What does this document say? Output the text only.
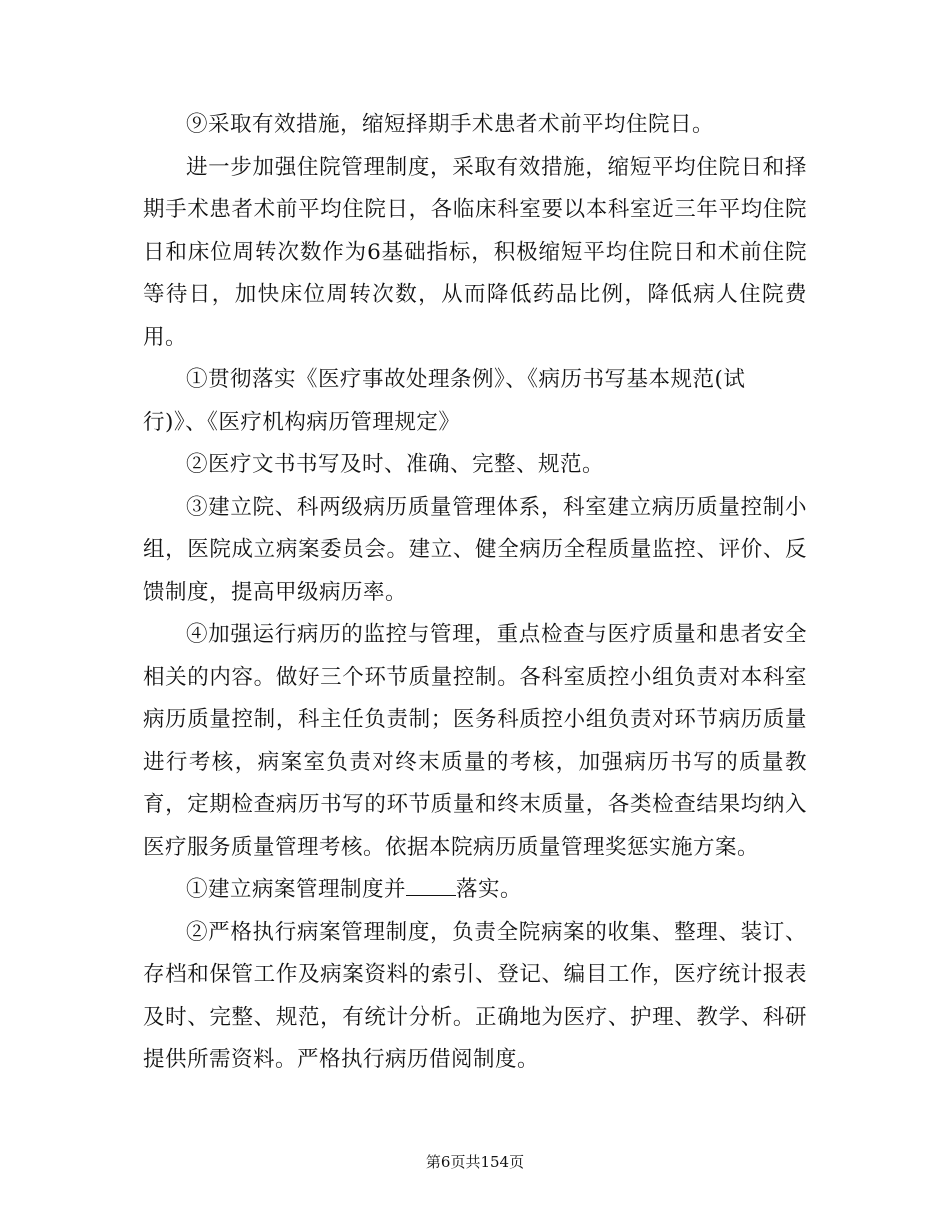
⑨采取有效措施，缩短择期手术患者术前平均住院日。

进一步加强住院管理制度，采取有效措施，缩短平均住院日和择期手术患者术前平均住院日，各临床科室要以本科室近三年平均住院日和床位周转次数作为6基础指标，积极缩短平均住院日和术前住院等待日，加快床位周转次数，从而降低药品比例，降低病人住院费用。

①贯彻落实《医疗事故处理条例》、《病历书写基本规范(试行)》、《医疗机构病历管理规定》

②医疗文书书写及时、准确、完整、规范。

③建立院、科两级病历质量管理体系，科室建立病历质量控制小组，医院成立病案委员会。建立、健全病历全程质量监控、评价、反馈制度，提高甲级病历率。

④加强运行病历的监控与管理，重点检查与医疗质量和患者安全相关的内容。做好三个环节质量控制。各科室质控小组负责对本科室病历质量控制，科主任负责制；医务科质控小组负责对环节病历质量进行考核，病案室负责对终末质量的考核，加强病历书写的质量教育，定期检查病历书写的环节质量和终末质量，各类检查结果均纳入医疗服务质量管理考核。依据本院病历质量管理奖惩实施方案。

①建立病案管理制度并 落实。

②严格执行病案管理制度，负责全院病案的收集、整理、装订、存档和保管工作及病案资料的索引、登记、编目工作，医疗统计报表及时、完整、规范，有统计分析。正确地为医疗、护理、教学、科研提供所需资料。严格执行病历借阅制度。

第6页共154页
